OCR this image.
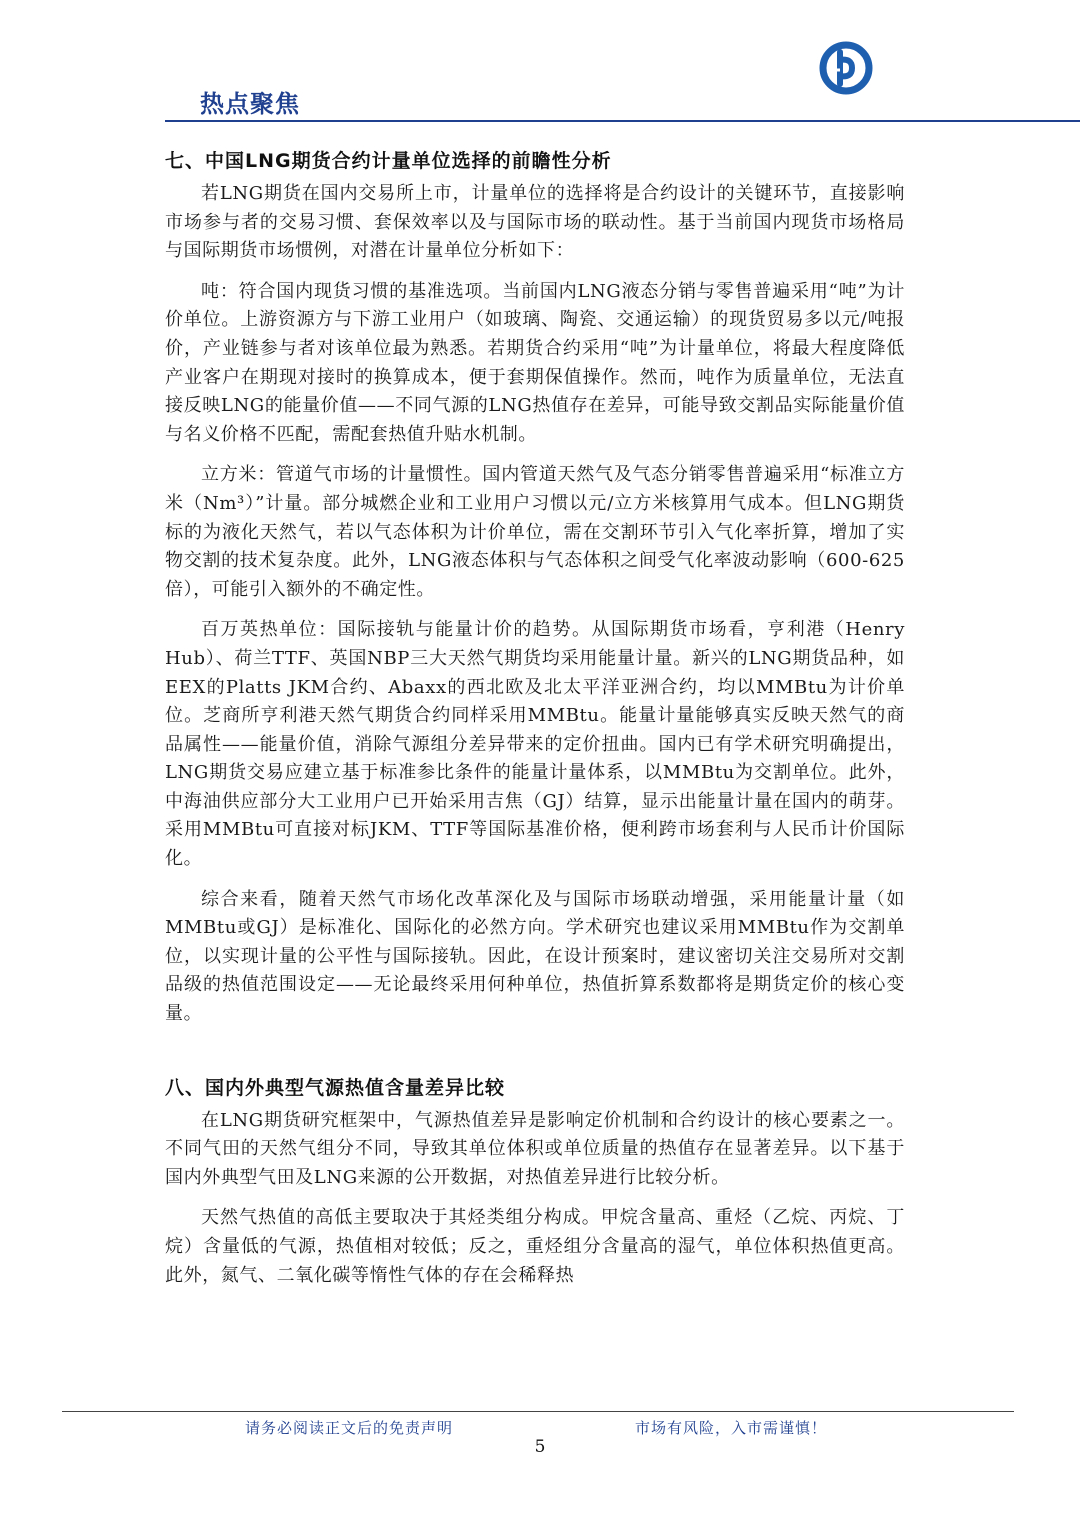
热点聚焦
七、中国LNG期货合约计量单位选择的前瞻性分析

若LNG期货在国内交易所上市，计量单位的选择将是合约设计的关键环节，直接影响市场参与者的交易习惯、套保效率以及与国际市场的联动性。基于当前国内现货市场格局与国际期货市场惯例，对潜在计量单位分析如下：

吨：符合国内现货习惯的基准选项。当前国内LNG液态分销与零售普遍采用“吨”为计价单位。上游资源方与下游工业用户（如玻璃、陶瓷、交通运输）的现货贸易多以元/吨报价，产业链参与者对该单位最为熟悉。若期货合约采用“吨”为计量单位，将最大程度降低产业客户在期现对接时的换算成本，便于套期保值操作。然而，吨作为质量单位，无法直接反映LNG的能量价值——不同气源的LNG热值存在差异，可能导致交割品实际能量价值与名义价格不匹配，需配套热值升贴水机制。

立方米：管道气市场的计量惯性。国内管道天然气及气态分销零售普遍采用“标准立方米（Nm³）”计量。部分城燃企业和工业用户习惯以元/立方米核算用气成本。但LNG期货标的为液化天然气，若以气态体积为计价单位，需在交割环节引入气化率折算，增加了实物交割的技术复杂度。此外，LNG液态体积与气态体积之间受气化率波动影响（600-625倍），可能引入额外的不确定性。

百万英热单位：国际接轨与能量计价的趋势。从国际期货市场看，亨利港（Henry Hub）、荷兰TTF、英国NBP三大天然气期货均采用能量计量。新兴的LNG期货品种，如EEX的Platts JKM合约、Abaxx的西北欧及北太平洋亚洲合约，均以MMBtu为计价单位。芝商所亨利港天然气期货合约同样采用MMBtu。能量计量能够真实反映天然气的商品属性——能量价值，消除气源组分差异带来的定价扭曲。国内已有学术研究明确提出，LNG期货交易应建立基于标准参比条件的能量计量体系，以MMBtu为交割单位。此外，中海油供应部分大工业用户已开始采用吉焦（GJ）结算，显示出能量计量在国内的萌芽。采用MMBtu可直接对标JKM、TTF等国际基准价格，便利跨市场套利与人民币计价国际化。

综合来看，随着天然气市场化改革深化及与国际市场联动增强，采用能量计量（如MMBtu或GJ）是标准化、国际化的必然方向。学术研究也建议采用MMBtu作为交割单位，以实现计量的公平性与国际接轨。因此，在设计预案时，建议密切关注交易所对交割品级的热值范围设定——无论最终采用何种单位，热值折算系数都将是期货定价的核心变量。

八、国内外典型气源热值含量差异比较

在LNG期货研究框架中，气源热值差异是影响定价机制和合约设计的核心要素之一。不同气田的天然气组分不同，导致其单位体积或单位质量的热值存在显著差异。以下基于国内外典型气田及LNG来源的公开数据，对热值差异进行比较分析。

天然气热值的高低主要取决于其烃类组分构成。甲烷含量高、重烃（乙烷、丙烷、丁烷）含量低的气源，热值相对较低；反之，重烃组分含量高的湿气，单位体积热值更高。此外，氮气、二氧化碳等惰性气体的存在会稀释热

请务必阅读正文后的免责声明	市场有风险，入市需谨慎！
5
